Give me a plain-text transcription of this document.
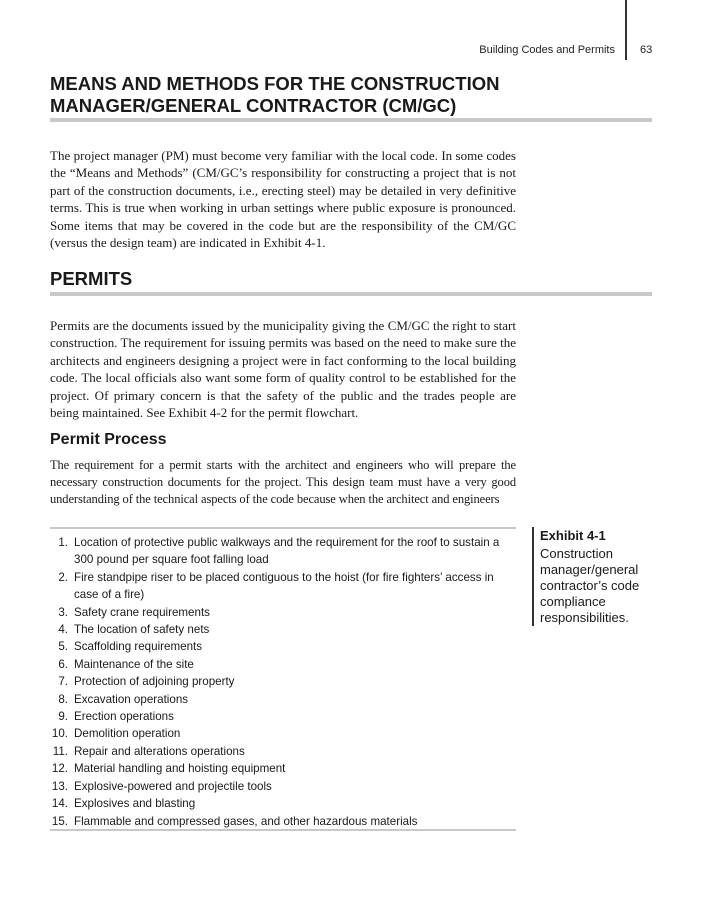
Building Codes and Permits 63
MEANS AND METHODS FOR THE CONSTRUCTION MANAGER/GENERAL CONTRACTOR (CM/GC)

The project manager (PM) must become very familiar with the local code. In some codes the “Means and Methods” (CM/GC’s responsibility for constructing a project that is not part of the construction documents, i.e., erecting steel) may be detailed in very definitive terms. This is true when working in urban settings where public exposure is pronounced. Some items that may be covered in the code but are the responsibility of the CM/GC (versus the design team) are indicated in Exhibit 4-1.

PERMITS

Permits are the documents issued by the municipality giving the CM/GC the right to start construction. The requirement for issuing permits was based on the need to make sure the architects and engineers designing a project were in fact conforming to the local building code. The local officials also want some form of quality control to be established for the project. Of primary concern is that the safety of the public and the trades people are being maintained. See Exhibit 4-2 for the permit flowchart.

Permit Process

The requirement for a permit starts with the architect and engineers who will prepare the necessary construction documents for the project. This design team must have a very good understanding of the technical aspects of the code because when the architect and engineers

1. Location of protective public walkways and the requirement for the roof to sustain a 300 pound per square foot falling load
2. Fire standpipe riser to be placed contiguous to the hoist (for fire fighters’ access in case of a fire)
3. Safety crane requirements
4. The location of safety nets
5. Scaffolding requirements
6. Maintenance of the site
7. Protection of adjoining property
8. Excavation operations
9. Erection operations
10. Demolition operation
11. Repair and alterations operations
12. Material handling and hoisting equipment
13. Explosive-powered and projectile tools
14. Explosives and blasting
15. Flammable and compressed gases, and other hazardous materials

Exhibit 4-1

Construction manager/general contractor’s code compliance responsibilities.
